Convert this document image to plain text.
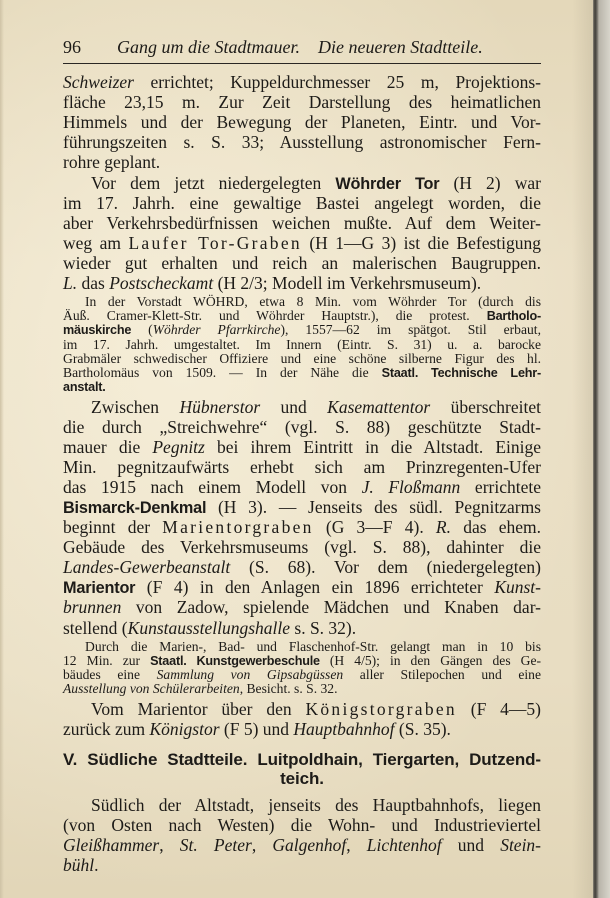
96 Gang um die Stadtmauer. Die neueren Stadtteile.
Schweizer errichtet; Kuppeldurchmesser 25 m, Projektions-
fläche 23,15 m. Zur Zeit Darstellung des heimatlichen
Himmels und der Bewegung der Planeten, Eintr. und Vor-
führungszeiten s. S. 33; Ausstellung astronomischer Fern-
rohre geplant.
Vor dem jetzt niedergelegten Wöhrder Tor (H 2) war
im 17. Jahrh. eine gewaltige Bastei angelegt worden, die
aber Verkehrsbedürfnissen weichen mußte. Auf dem Weiter-
weg am Laufer Tor-Graben (H 1—G 3) ist die Befestigung
wieder gut erhalten und reich an malerischen Baugruppen.
L. das Postscheckamt (H 2/3; Modell im Verkehrsmuseum).
In der Vorstadt WÖHRD, etwa 8 Min. vom Wöhrder Tor (durch dis
Äuß. Cramer-Klett-Str. und Wöhrder Hauptstr.), die protest. Bartholo-
mäuskirche (Wöhrder Pfarrkirche), 1557—62 im spätgot. Stil erbaut,
im 17. Jahrh. umgestaltet. Im Innern (Eintr. S. 31) u. a. barocke
Grabmäler schwedischer Offiziere und eine schöne silberne Figur des hl.
Bartholomäus von 1509. — In der Nähe die Staatl. Technische Lehr-
anstalt.
Zwischen Hübnerstor und Kasemattentor überschreitet
die durch „Streichwehre“ (vgl. S. 88) geschützte Stadt-
mauer die Pegnitz bei ihrem Eintritt in die Altstadt. Einige
Min. pegnitzaufwärts erhebt sich am Prinzregenten-Ufer
das 1915 nach einem Modell von J. Floßmann errichtete
Bismarck-Denkmal (H 3). — Jenseits des südl. Pegnitzarms
beginnt der Marientorgraben (G 3—F 4). R. das ehem.
Gebäude des Verkehrsmuseums (vgl. S. 88), dahinter die
Landes-Gewerbeanstalt (S. 68). Vor dem (niedergelegten)
Marientor (F 4) in den Anlagen ein 1896 errichteter Kunst-
brunnen von Zadow, spielende Mädchen und Knaben dar-
stellend (Kunstausstellungshalle s. S. 32).
Durch die Marien-, Bad- und Flaschenhof-Str. gelangt man in 10 bis
12 Min. zur Staatl. Kunstgewerbeschule (H 4/5); in den Gängen des Ge-
bäudes eine Sammlung von Gipsabgüssen aller Stilepochen und eine
Ausstellung von Schülerarbeiten, Besicht. s. S. 32.
Vom Marientor über den Königstorgraben (F 4—5)
zurück zum Königstor (F 5) und Hauptbahnhof (S. 35).
V. Südliche Stadtteile. Luitpoldhain, Tiergarten, Dutzend-
teich.
Südlich der Altstadt, jenseits des Hauptbahnhofs, liegen
(von Osten nach Westen) die Wohn- und Industrieviertel
Gleißhammer, St. Peter, Galgenhof, Lichtenhof und Stein-
bühl.
